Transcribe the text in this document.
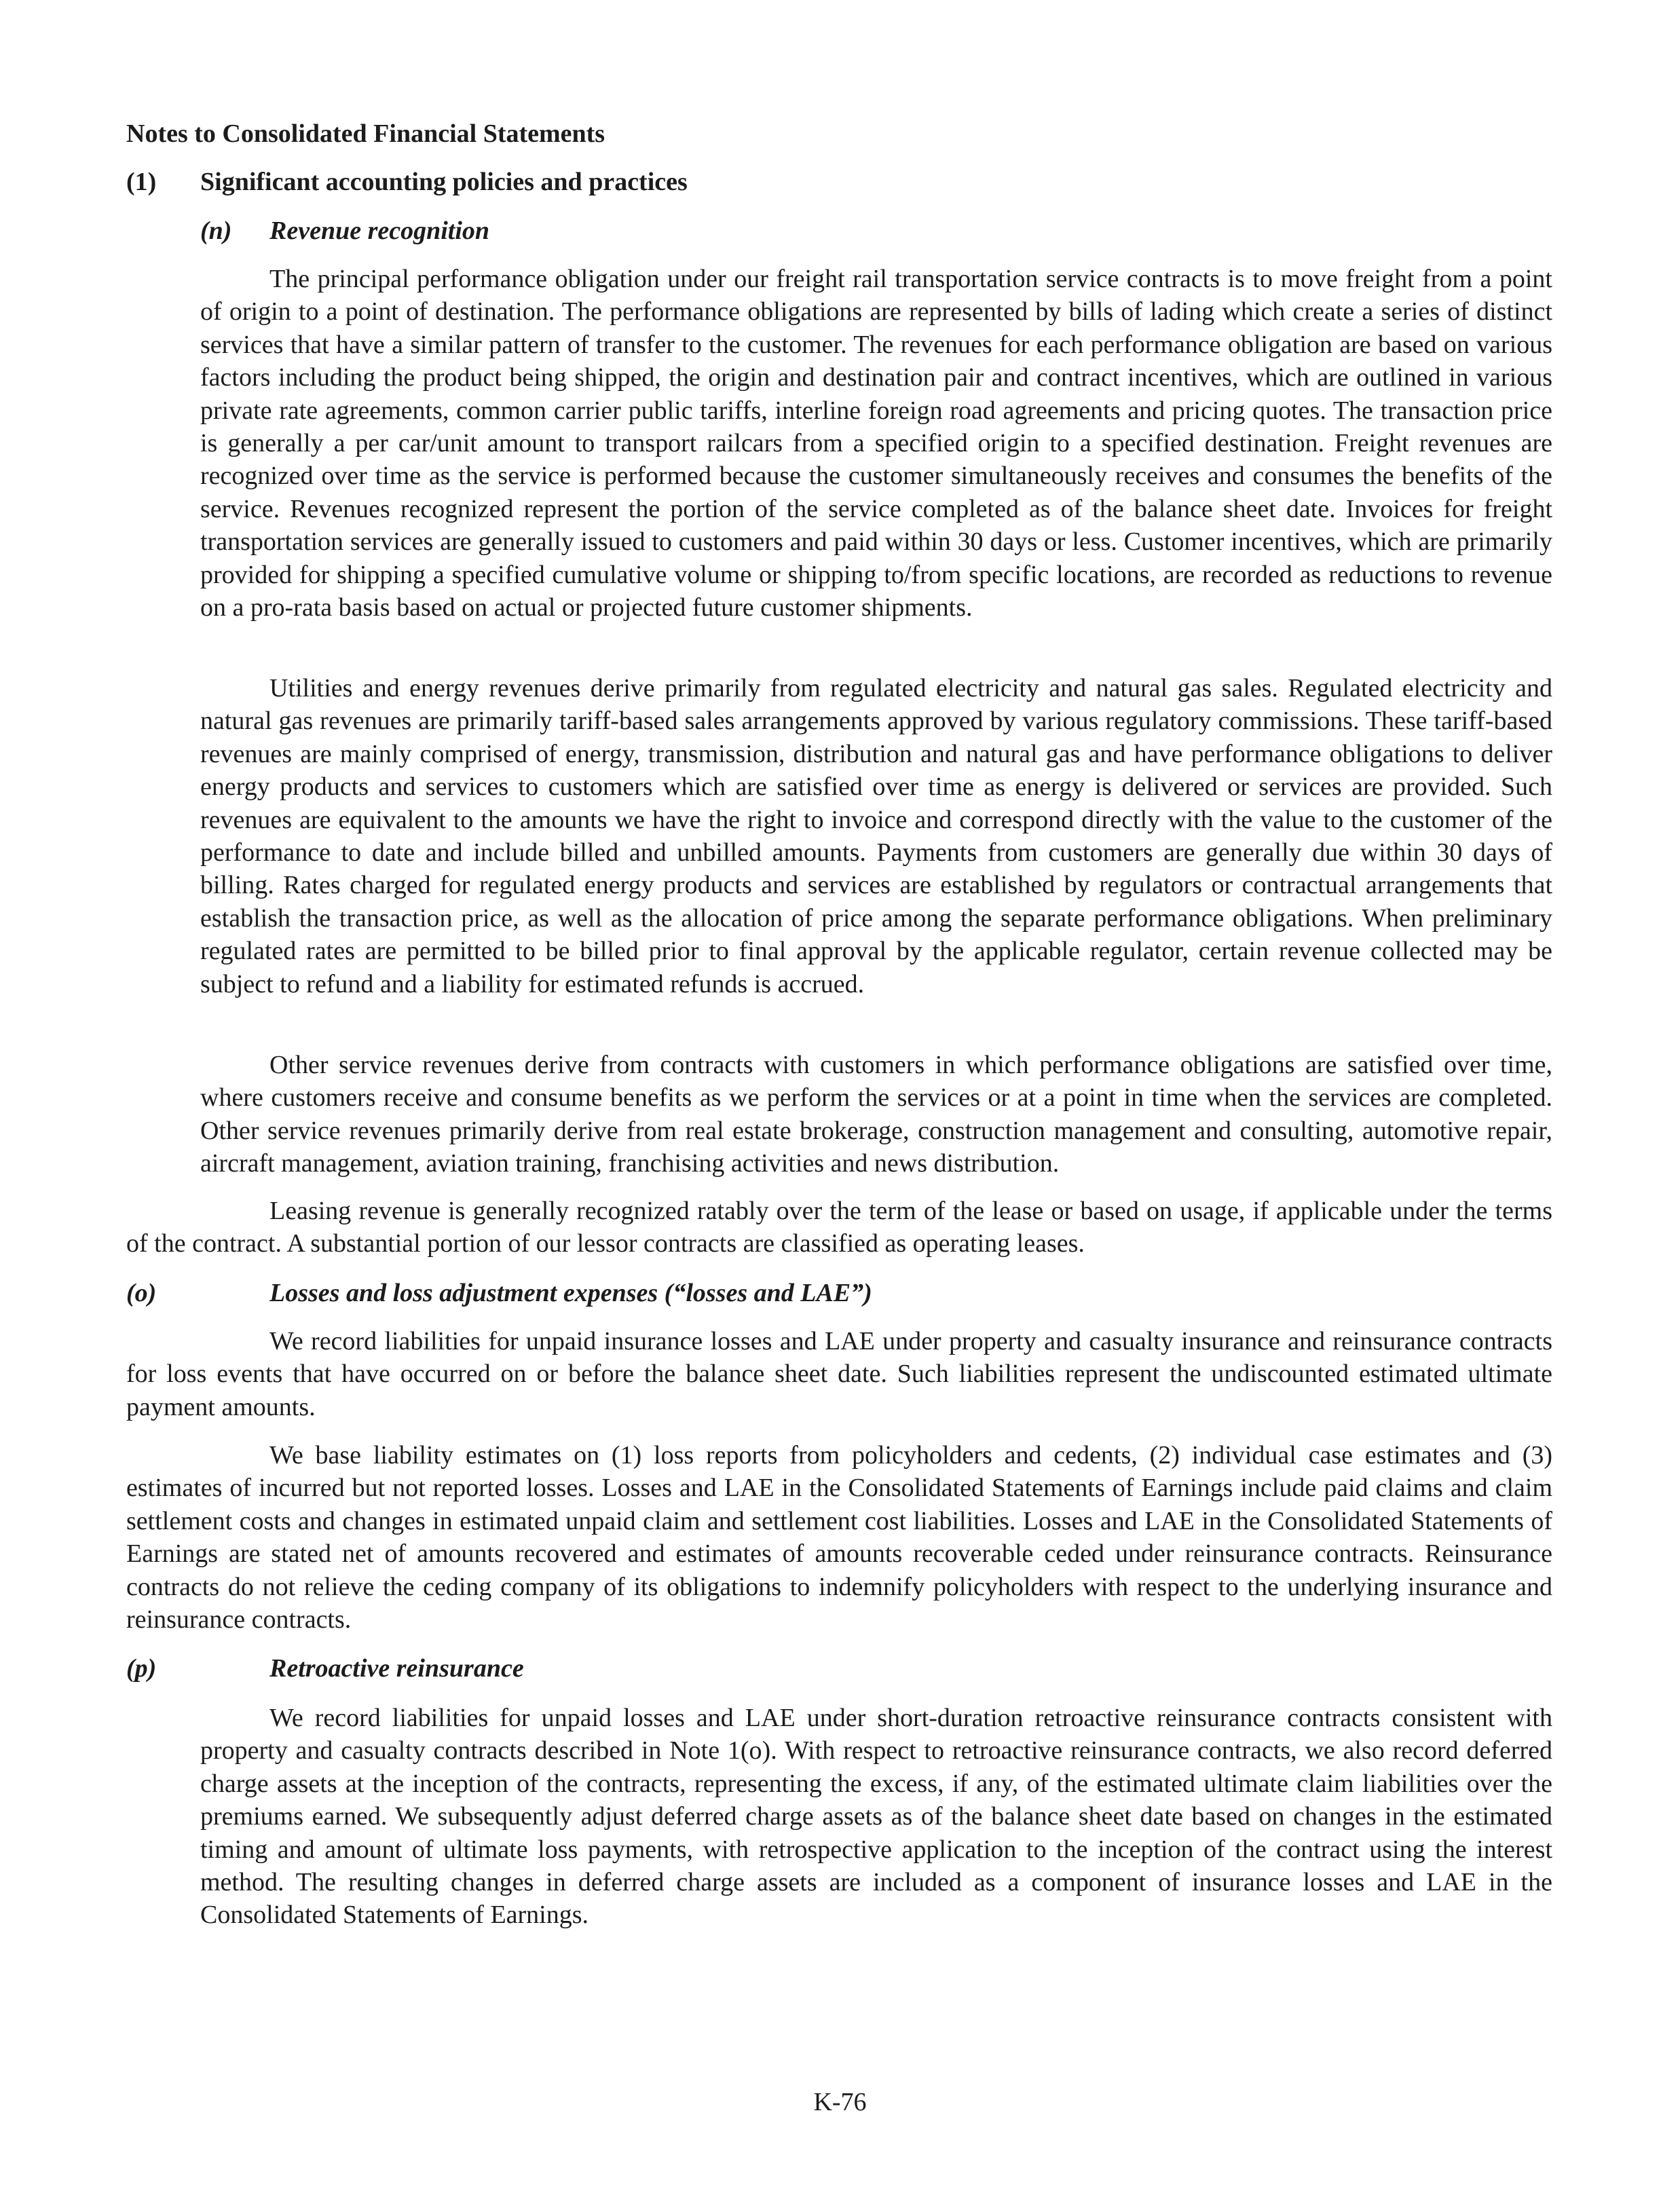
Notes to Consolidated Financial Statements
(1) Significant accounting policies and practices
(n) Revenue recognition

The principal performance obligation under our freight rail transportation service contracts is to move freight from a point of origin to a point of destination. The performance obligations are represented by bills of lading which create a series of distinct services that have a similar pattern of transfer to the customer. The revenues for each performance obligation are based on various factors including the product being shipped, the origin and destination pair and contract incentives, which are outlined in various private rate agreements, common carrier public tariffs, interline foreign road agreements and pricing quotes. The transaction price is generally a per car/unit amount to transport railcars from a specified origin to a specified destination. Freight revenues are recognized over time as the service is performed because the customer simultaneously receives and consumes the benefits of the service. Revenues recognized represent the portion of the service completed as of the balance sheet date. Invoices for freight transportation services are generally issued to customers and paid within 30 days or less. Customer incentives, which are primarily provided for shipping a specified cumulative volume or shipping to/from specific locations, are recorded as reductions to revenue on a pro-rata basis based on actual or projected future customer shipments.

Utilities and energy revenues derive primarily from regulated electricity and natural gas sales. Regulated electricity and natural gas revenues are primarily tariff-based sales arrangements approved by various regulatory commissions. These tariff-based revenues are mainly comprised of energy, transmission, distribution and natural gas and have performance obligations to deliver energy products and services to customers which are satisfied over time as energy is delivered or services are provided. Such revenues are equivalent to the amounts we have the right to invoice and correspond directly with the value to the customer of the performance to date and include billed and unbilled amounts. Payments from customers are generally due within 30 days of billing. Rates charged for regulated energy products and services are established by regulators or contractual arrangements that establish the transaction price, as well as the allocation of price among the separate performance obligations. When preliminary regulated rates are permitted to be billed prior to final approval by the applicable regulator, certain revenue collected may be subject to refund and a liability for estimated refunds is accrued.

Other service revenues derive from contracts with customers in which performance obligations are satisfied over time, where customers receive and consume benefits as we perform the services or at a point in time when the services are completed. Other service revenues primarily derive from real estate brokerage, construction management and consulting, automotive repair, aircraft management, aviation training, franchising activities and news distribution.

Leasing revenue is generally recognized ratably over the term of the lease or based on usage, if applicable under the terms of the contract. A substantial portion of our lessor contracts are classified as operating leases.

(o)	Losses and loss adjustment expenses (“losses and LAE”)

We record liabilities for unpaid insurance losses and LAE under property and casualty insurance and reinsurance contracts for loss events that have occurred on or before the balance sheet date. Such liabilities represent the undiscounted estimated ultimate payment amounts.

We base liability estimates on (1) loss reports from policyholders and cedents, (2) individual case estimates and (3) estimates of incurred but not reported losses. Losses and LAE in the Consolidated Statements of Earnings include paid claims and claim settlement costs and changes in estimated unpaid claim and settlement cost liabilities. Losses and LAE in the Consolidated Statements of Earnings are stated net of amounts recovered and estimates of amounts recoverable ceded under reinsurance contracts. Reinsurance contracts do not relieve the ceding company of its obligations to indemnify policyholders with respect to the underlying insurance and reinsurance contracts.

(p)	Retroactive reinsurance

We record liabilities for unpaid losses and LAE under short-duration retroactive reinsurance contracts consistent with property and casualty contracts described in Note 1(o). With respect to retroactive reinsurance contracts, we also record deferred charge assets at the inception of the contracts, representing the excess, if any, of the estimated ultimate claim liabilities over the premiums earned. We subsequently adjust deferred charge assets as of the balance sheet date based on changes in the estimated timing and amount of ultimate loss payments, with retrospective application to the inception of the contract using the interest method. The resulting changes in deferred charge assets are included as a component of insurance losses and LAE in the Consolidated Statements of Earnings.

K-76
